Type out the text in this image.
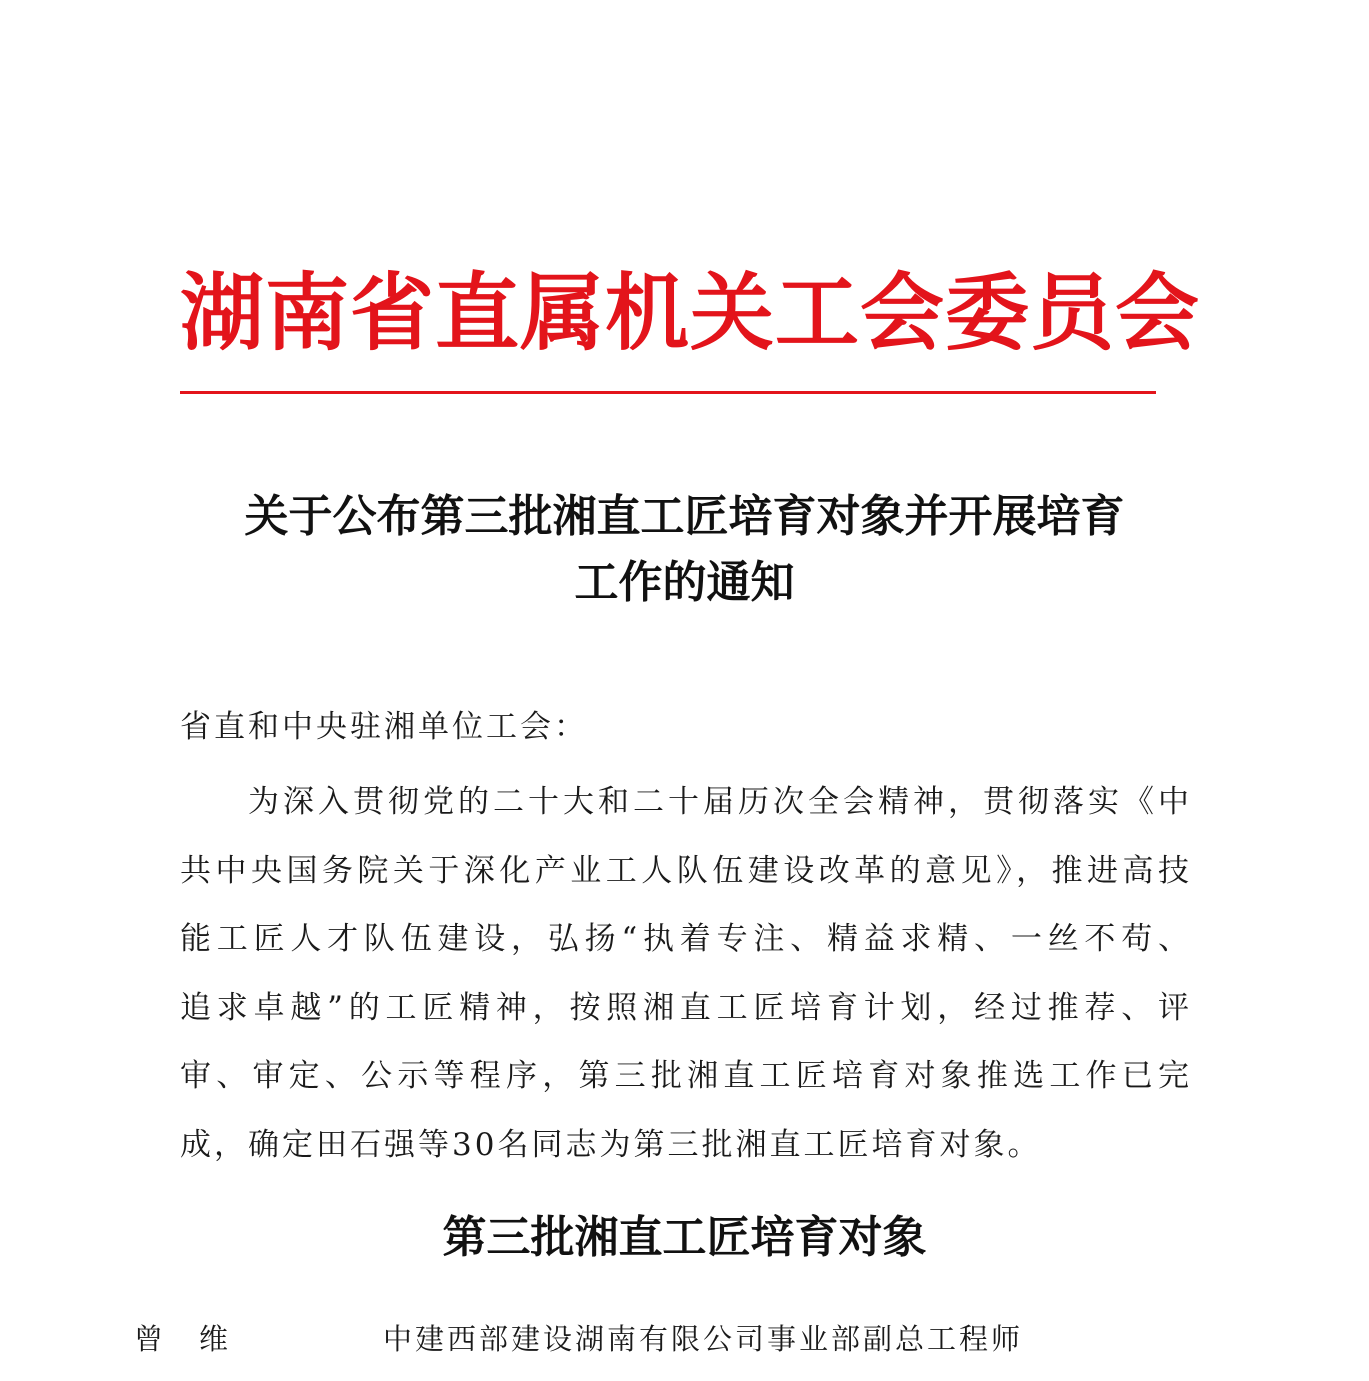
湖南省直属机关工会委员会
关于公布第三批湘直工匠培育对象并开展培育
工作的通知
省直和中央驻湘单位工会：
为深入贯彻党的二十大和二十届历次全会精神，贯彻落实《中
共中央国务院关于深化产业工人队伍建设改革的意见》，推进高技
能工匠人才队伍建设，弘扬“执着专注、精益求精、一丝不苟、
追求卓越”的工匠精神，按照湘直工匠培育计划，经过推荐、评
审、审定、公示等程序，第三批湘直工匠培育对象推选工作已完
成，确定田石强等30名同志为第三批湘直工匠培育对象。
第三批湘直工匠培育对象
曾维	中建西部建设湖南有限公司事业部副总工程师
